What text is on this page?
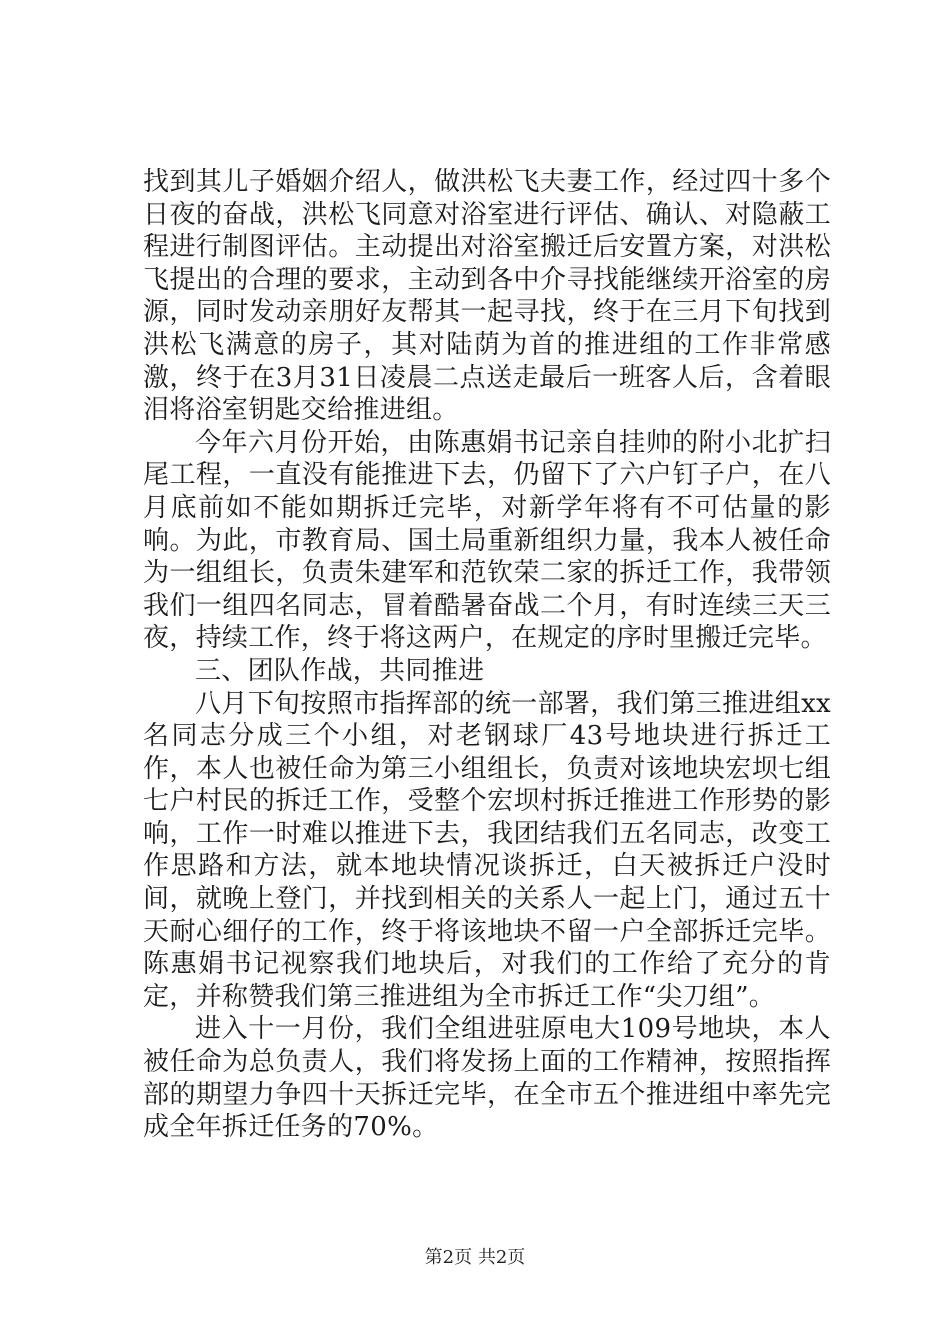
找到其儿子婚姻介绍人，做洪松飞夫妻工作，经过四十多个日夜的奋战，洪松飞同意对浴室进行评估、确认、对隐蔽工程进行制图评估。主动提出对浴室搬迁后安置方案，对洪松飞提出的合理的要求，主动到各中介寻找能继续开浴室的房源，同时发动亲朋好友帮其一起寻找，终于在三月下旬找到洪松飞满意的房子，其对陆荫为首的推进组的工作非常感激，终于在3月31日凌晨二点送走最后一班客人后，含着眼泪将浴室钥匙交给推进组。

今年六月份开始，由陈惠娟书记亲自挂帅的附小北扩扫尾工程，一直没有能推进下去，仍留下了六户钉子户，在八月底前如不能如期拆迁完毕，对新学年将有不可估量的影响。为此，市教育局、国土局重新组织力量，我本人被任命为一组组长，负责朱建军和范钦荣二家的拆迁工作，我带领我们一组四名同志，冒着酷暑奋战二个月，有时连续三天三夜，持续工作，终于将这两户，在规定的序时里搬迁完毕。

三、团队作战，共同推进

八月下旬按照市指挥部的统一部署，我们第三推进组xx名同志分成三个小组，对老钢球厂43号地块进行拆迁工作，本人也被任命为第三小组组长，负责对该地块宏坝七组七户村民的拆迁工作，受整个宏坝村拆迁推进工作形势的影响，工作一时难以推进下去，我团结我们五名同志，改变工作思路和方法，就本地块情况谈拆迁，白天被拆迁户没时间，就晚上登门，并找到相关的关系人一起上门，通过五十天耐心细仔的工作，终于将该地块不留一户全部拆迁完毕。陈惠娟书记视察我们地块后，对我们的工作给了充分的肯定，并称赞我们第三推进组为全市拆迁工作“尖刀组”。

进入十一月份，我们全组进驻原电大109号地块，本人被任命为总负责人，我们将发扬上面的工作精神，按照指挥部的期望力争四十天拆迁完毕，在全市五个推进组中率先完成全年拆迁任务的70%。

第2页 共2页
